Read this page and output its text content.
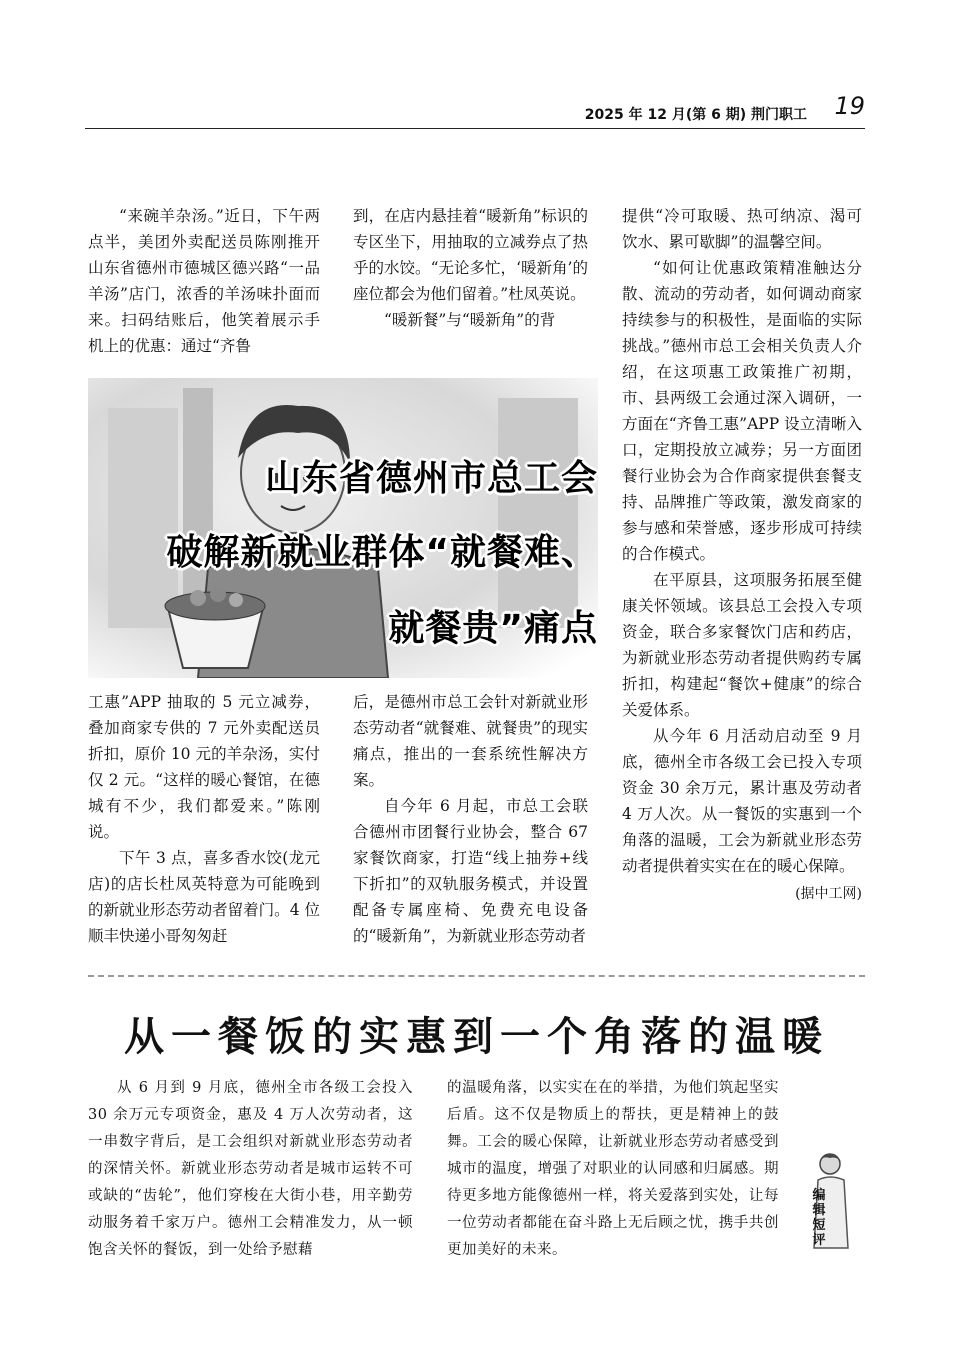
2025 年 12 月(第 6 期) 荆门职工 19

“来碗羊杂汤。”近日，下午两点半，美团外卖配送员陈刚推开山东省德州市德城区德兴路“一品羊汤”店门，浓香的羊汤味扑面而来。扫码结账后，他笑着展示手机上的优惠：通过“齐鲁

到，在店内悬挂着“暖新角”标识的专区坐下，用抽取的立减券点了热乎的水饺。“无论多忙，‘暖新角’的座位都会为他们留着。”杜凤英说。

“暖新餐”与“暖新角”的背

山东省德州市总工会
破解新就业群体“就餐难、
就餐贵”痛点

工惠”APP 抽取的 5 元立减券，叠加商家专供的 7 元外卖配送员折扣，原价 10 元的羊杂汤，实付仅 2 元。“这样的暖心餐馆，在德城有不少，我们都爱来。”陈刚说。

下午 3 点，喜多香水饺(龙元店)的店长杜凤英特意为可能晚到的新就业形态劳动者留着门。4 位顺丰快递小哥匆匆赶

后，是德州市总工会针对新就业形态劳动者“就餐难、就餐贵”的现实痛点，推出的一套系统性解决方案。

自今年 6 月起，市总工会联合德州市团餐行业协会，整合 67 家餐饮商家，打造“线上抽券+线下折扣”的双轨服务模式，并设置配备专属座椅、免费充电设备的“暖新角”，为新就业形态劳动者

提供“冷可取暖、热可纳凉、渴可饮水、累可歇脚”的温馨空间。

“如何让优惠政策精准触达分散、流动的劳动者，如何调动商家持续参与的积极性，是面临的实际挑战。”德州市总工会相关负责人介绍，在这项惠工政策推广初期，市、县两级工会通过深入调研，一方面在“齐鲁工惠”APP 设立清晰入口，定期投放立减券；另一方面团餐行业协会为合作商家提供套餐支持、品牌推广等政策，激发商家的参与感和荣誉感，逐步形成可持续的合作模式。

在平原县，这项服务拓展至健康关怀领域。该县总工会投入专项资金，联合多家餐饮门店和药店，为新就业形态劳动者提供购药专属折扣，构建起“餐饮+健康”的综合关爱体系。

从今年 6 月活动启动至 9 月底，德州全市各级工会已投入专项资金 30 余万元，累计惠及劳动者 4 万人次。从一餐饭的实惠到一个角落的温暖，工会为新就业形态劳动者提供着实实在在的暖心保障。

(据中工网)

从一餐饭的实惠到一个角落的温暖

从 6 月到 9 月底，德州全市各级工会投入 30 余万元专项资金，惠及 4 万人次劳动者，这一串数字背后，是工会组织对新就业形态劳动者的深情关怀。新就业形态劳动者是城市运转不可或缺的“齿轮”，他们穿梭在大街小巷，用辛勤劳动服务着千家万户。德州工会精准发力，从一顿饱含关怀的餐饭，到一处给予慰藉

的温暖角落，以实实在在的举措，为他们筑起坚实后盾。这不仅是物质上的帮扶，更是精神上的鼓舞。工会的暖心保障，让新就业形态劳动者感受到城市的温度，增强了对职业的认同感和归属感。期待更多地方能像德州一样，将关爱落到实处，让每一位劳动者都能在奋斗路上无后顾之忧，携手共创更加美好的未来。

编辑短评
